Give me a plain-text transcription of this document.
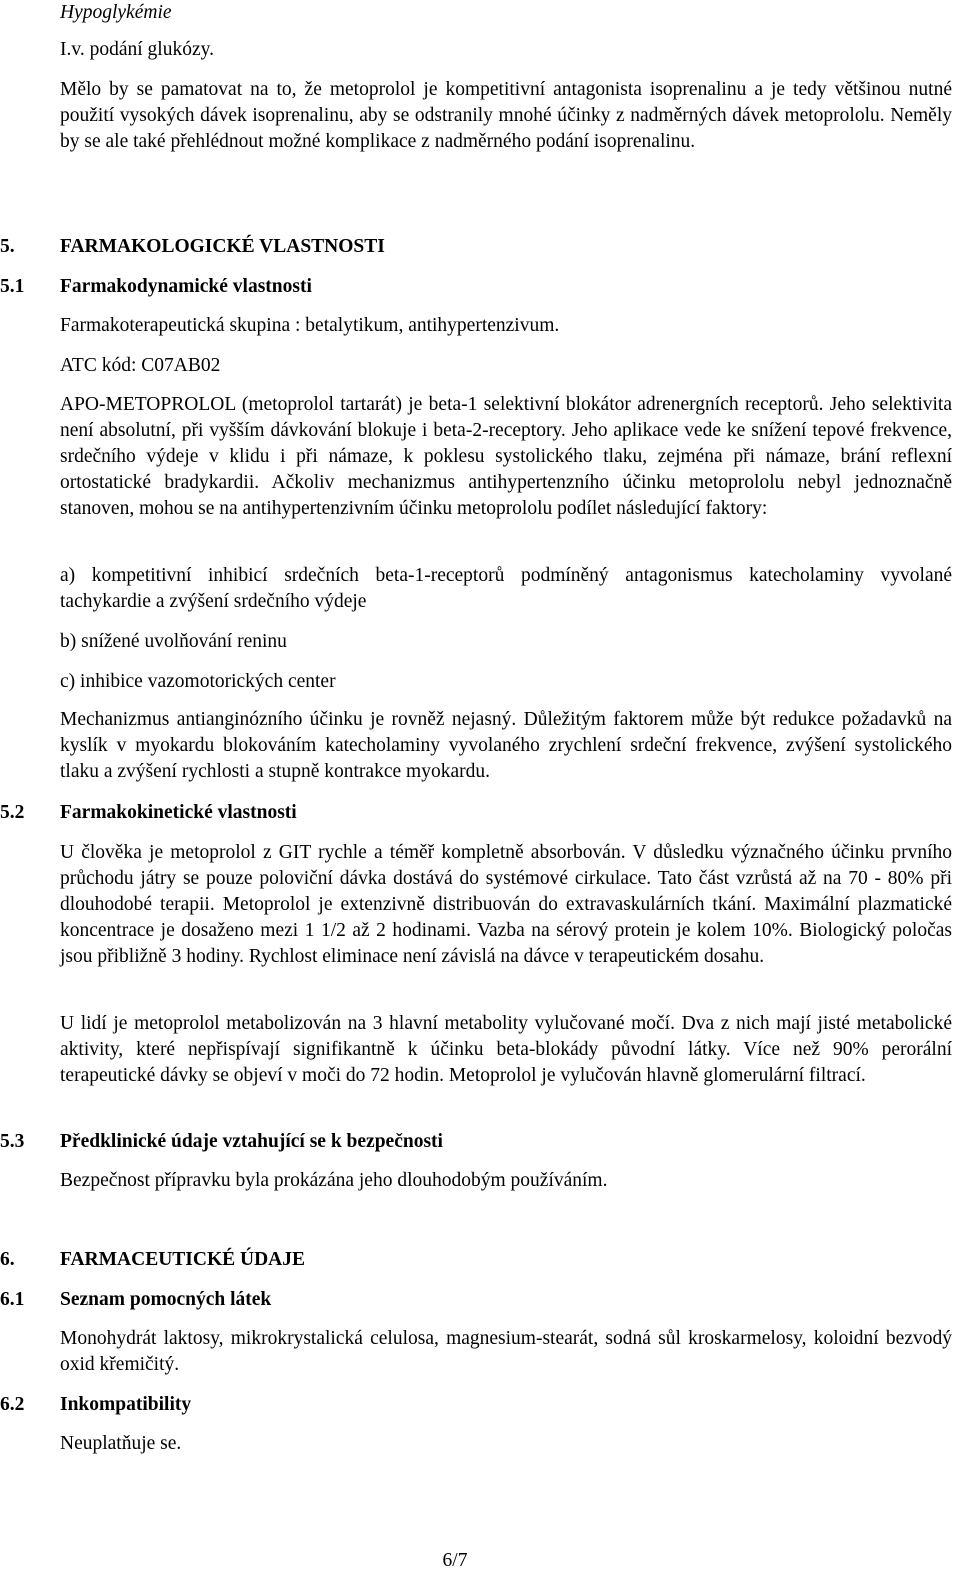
Hypoglykémie

I.v. podání glukózy.

Mělo by se pamatovat na to, že metoprolol je kompetitivní antagonista isoprenalinu a je tedy většinou nutné použití vysokých dávek isoprenalinu, aby se odstranily mnohé účinky z nadměrných dávek metoprololu. Neměly by se ale také přehlédnout možné komplikace z nadměrného podání isoprenalinu.

5. FARMAKOLOGICKÉ VLASTNOSTI

5.1 Farmakodynamické vlastnosti

Farmakoterapeutická skupina : betalytikum, antihypertenzivum.

ATC kód: C07AB02

APO-METOPROLOL (metoprolol tartarát) je beta-1 selektivní blokátor adrenergních receptorů. Jeho selektivita není absolutní, při vyšším dávkování blokuje i beta-2-receptory. Jeho aplikace vede ke snížení tepové frekvence, srdečního výdeje v klidu i při námaze, k poklesu systolického tlaku, zejména při námaze, brání reflexní ortostatické bradykardii. Ačkoliv mechanizmus antihypertenzního účinku metoprololu nebyl jednoznačně stanoven, mohou se na antihypertenzivním účinku metoprololu podílet následující faktory:

a) kompetitivní inhibicí srdečních beta-1-receptorů podmíněný antagonismus katecholaminy vyvolané tachykardie a zvýšení srdečního výdeje

b) snížené uvolňování reninu

c) inhibice vazomotorických center

Mechanizmus antianginózního účinku je rovněž nejasný. Důležitým faktorem může být redukce požadavků na kyslík v myokardu blokováním katecholaminy vyvolaného zrychlení srdeční frekvence, zvýšení systolického tlaku a zvýšení rychlosti a stupně kontrakce myokardu.

5.2 Farmakokinetické vlastnosti

U člověka je metoprolol z GIT rychle a téměř kompletně absorbován. V důsledku význačného účinku prvního průchodu játry se pouze poloviční dávka dostává do systémové cirkulace. Tato část vzrůstá až na 70 - 80% při dlouhodobé terapii. Metoprolol je extenzivně distribuován do extravaskulárních tkání. Maximální plazmatické koncentrace je dosaženo mezi 1 1/2 až 2 hodinami. Vazba na sérový protein je kolem 10%. Biologický poločas jsou přibližně 3 hodiny. Rychlost eliminace není závislá na dávce v terapeutickém dosahu.

U lidí je metoprolol metabolizován na 3 hlavní metabolity vylučované močí. Dva z nich mají jisté metabolické aktivity, které nepřispívají signifikantně k účinku beta-blokády původní látky. Více než 90% perorální terapeutické dávky se objeví v moči do 72 hodin. Metoprolol je vylučován hlavně glomerulární filtrací.

5.3 Předklinické údaje vztahující se k bezpečnosti

Bezpečnost přípravku byla prokázána jeho dlouhodobým používáním.

6. FARMACEUTICKÉ ÚDAJE

6.1 Seznam pomocných látek

Monohydrát laktosy, mikrokrystalická celulosa, magnesium-stearát, sodná sůl kroskarmelosy, koloidní bezvodý oxid křemičitý.

6.2 Inkompatibility

Neuplatňuje se.

6/7
